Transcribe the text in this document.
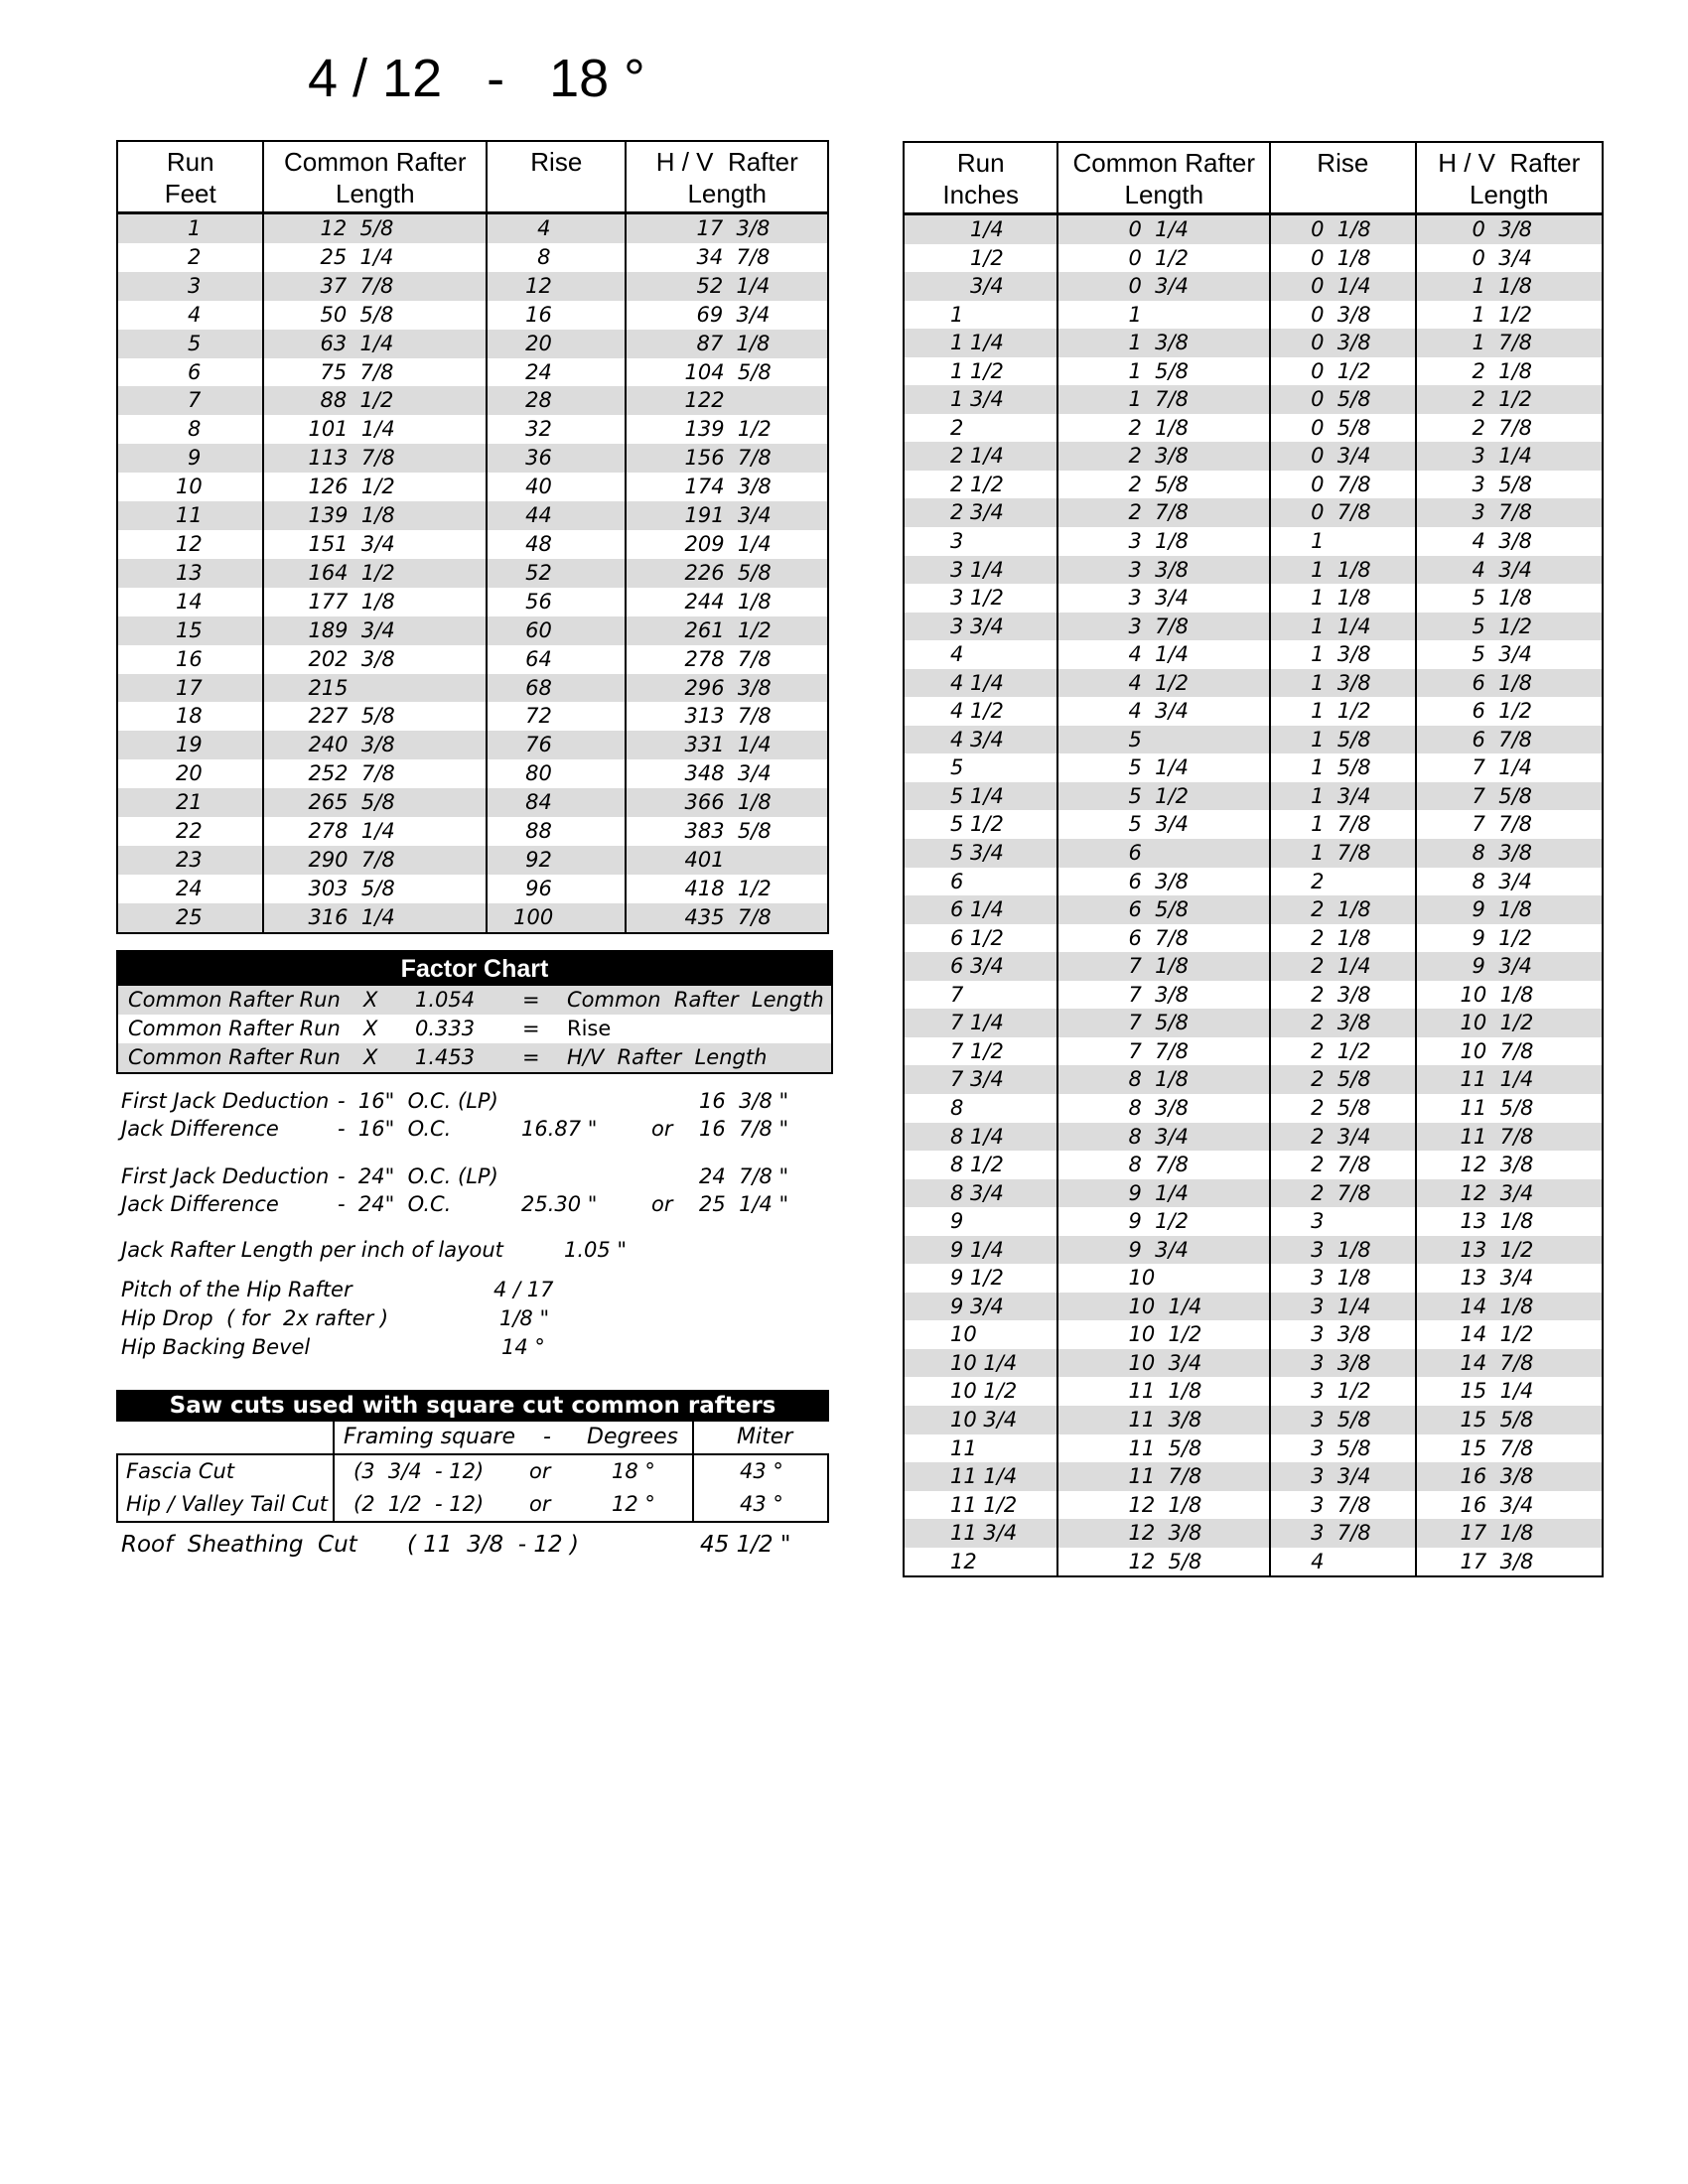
4 / 12   -   18 °
Run
Feet	Common Rafter
Length	Rise	H / V  Rafter
Length
1	12  5/8	4	17  3/8
2	25  1/4	8	34  7/8
3	37  7/8	12	52  1/4
4	50  5/8	16	69  3/4
5	63  1/4	20	87  1/8
6	75  7/8	24	104  5/8
7	88  1/2	28	122
8	101  1/4	32	139  1/2
9	113  7/8	36	156  7/8
10	126  1/2	40	174  3/8
11	139  1/8	44	191  3/4
12	151  3/4	48	209  1/4
13	164  1/2	52	226  5/8
14	177  1/8	56	244  1/8
15	189  3/4	60	261  1/2
16	202  3/8	64	278  7/8
17	215	68	296  3/8
18	227  5/8	72	313  7/8
19	240  3/8	76	331  1/4
20	252  7/8	80	348  3/4
21	265  5/8	84	366  1/8
22	278  1/4	88	383  5/8
23	290  7/8	92	401
24	303  5/8	96	418  1/2
25	316  1/4	100	435  7/8
Run
Inches	Common Rafter
Length	Rise	H / V  Rafter
Length
1/4	0  1/4	0  1/8	0  3/8
1/2	0  1/2	0  1/8	0  3/4
3/4	0  3/4	0  1/4	1  1/8
1	1	0  3/8	1  1/2
1 1/4	1  3/8	0  3/8	1  7/8
1 1/2	1  5/8	0  1/2	2  1/8
1 3/4	1  7/8	0  5/8	2  1/2
2	2  1/8	0  5/8	2  7/8
2 1/4	2  3/8	0  3/4	3  1/4
2 1/2	2  5/8	0  7/8	3  5/8
2 3/4	2  7/8	0  7/8	3  7/8
3	3  1/8	1	4  3/8
3 1/4	3  3/8	1  1/8	4  3/4
3 1/2	3  3/4	1  1/8	5  1/8
3 3/4	3  7/8	1  1/4	5  1/2
4	4  1/4	1  3/8	5  3/4
4 1/4	4  1/2	1  3/8	6  1/8
4 1/2	4  3/4	1  1/2	6  1/2
4 3/4	5	1  5/8	6  7/8
5	5  1/4	1  5/8	7  1/4
5 1/4	5  1/2	1  3/4	7  5/8
5 1/2	5  3/4	1  7/8	7  7/8
5 3/4	6	1  7/8	8  3/8
6	6  3/8	2	8  3/4
6 1/4	6  5/8	2  1/8	9  1/8
6 1/2	6  7/8	2  1/8	9  1/2
6 3/4	7  1/8	2  1/4	9  3/4
7	7  3/8	2  3/8	10  1/8
7 1/4	7  5/8	2  3/8	10  1/2
7 1/2	7  7/8	2  1/2	10  7/8
7 3/4	8  1/8	2  5/8	11  1/4
8	8  3/8	2  5/8	11  5/8
8 1/4	8  3/4	2  3/4	11  7/8
8 1/2	8  7/8	2  7/8	12  3/8
8 3/4	9  1/4	2  7/8	12  3/4
9	9  1/2	3	13  1/8
9 1/4	9  3/4	3  1/8	13  1/2
9 1/2	10	3  1/8	13  3/4
9 3/4	10  1/4	3  1/4	14  1/8
10	10  1/2	3  3/8	14  1/2
10 1/4	10  3/4	3  3/8	14  7/8
10 1/2	11  1/8	3  1/2	15  1/4
10 3/4	11  3/8	3  5/8	15  5/8
11	11  5/8	3  5/8	15  7/8
11 1/4	11  7/8	3  3/4	16  3/8
11 1/2	12  1/8	3  7/8	16  3/4
11 3/4	12  3/8	3  7/8	17  1/8
12	12  5/8	4	17  3/8
Factor Chart
Common Rafter Run X 1.054 = Common  Rafter  Length
Common Rafter Run X 0.333 = Rise
Common Rafter Run X 1.453 = H/V  Rafter  Length
First Jack Deduction -  16"  O.C. (LP)	16  3/8 "
Jack Difference	-  16"  O.C.	16.87 "	or 16  7/8 "
First Jack Deduction -  24"  O.C. (LP)	24  7/8 "
Jack Difference	-  24"  O.C.	25.30 "	or 25  1/4 "
Jack Rafter Length per inch of layout	1.05 "
Pitch of the Hip Rafter	4 / 17
Hip Drop  ( for  2x rafter )	1/8 "
Hip Backing Bevel	14 °
Saw cuts used with square cut common rafters
Framing square - Degrees	Miter
Fascia Cut	(3  3/4  - 12) or	18 °	43 °
Hip / Valley Tail Cut (2  1/2  - 12) or	12 °	43 °
Roof  Sheathing  Cut ( 11  3/8  - 12 )	45 1/2 "
